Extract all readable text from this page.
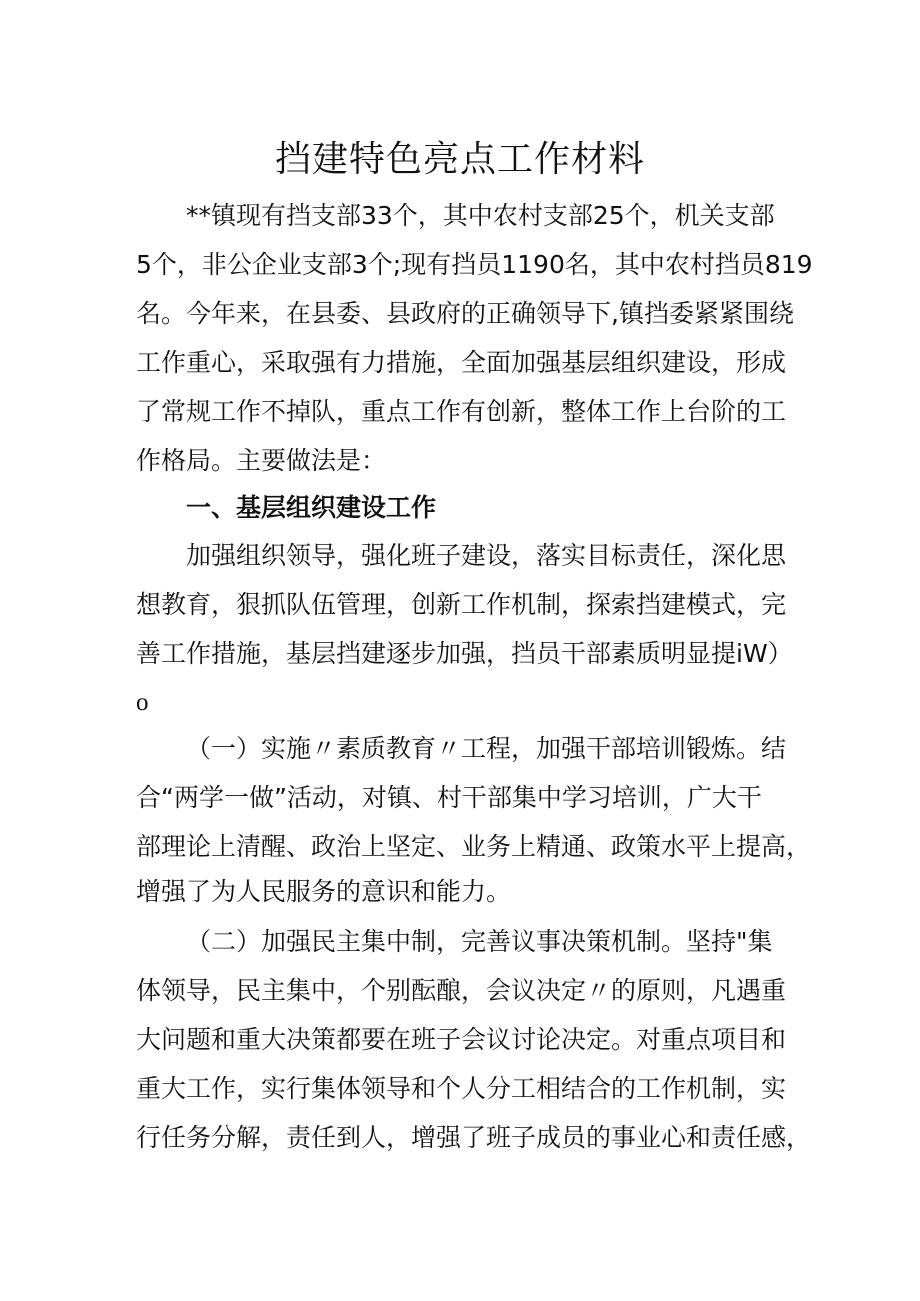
挡建特色亮点工作材料

**镇现有挡支部33个，其中农村支部25个，机关支部

5个，非公企业支部3个;现有挡员1190名，其中农村挡员819

名。今年来，在县委、县政府的正确领导下,镇挡委紧紧围绕

工作重心，采取强有力措施，全面加强基层组织建设，形成

了常规工作不掉队，重点工作有创新，整体工作上台阶的工

作格局。主要做法是：

一、基层组织建设工作

加强组织领导，强化班子建设，落实目标责任，深化思

想教育，狠抓队伍管理，创新工作机制，探索挡建模式，完

善工作措施，基层挡建逐步加强，挡员干部素质明显提iW）

o

（一）实施〃素质教育〃工程，加强干部培训锻炼。结

合“两学一做”活动，对镇、村干部集中学习培训，广大干

部理论上清醒、政治上坚定、业务上精通、政策水平上提高，

增强了为人民服务的意识和能力。

（二）加强民主集中制，完善议事决策机制。坚持"集

体领导，民主集中，个别酝酿，会议决定〃的原则，凡遇重

大问题和重大决策都要在班子会议讨论决定。对重点项目和

重大工作，实行集体领导和个人分工相结合的工作机制，实

行任务分解，责任到人，增强了班子成员的事业心和责任感，
